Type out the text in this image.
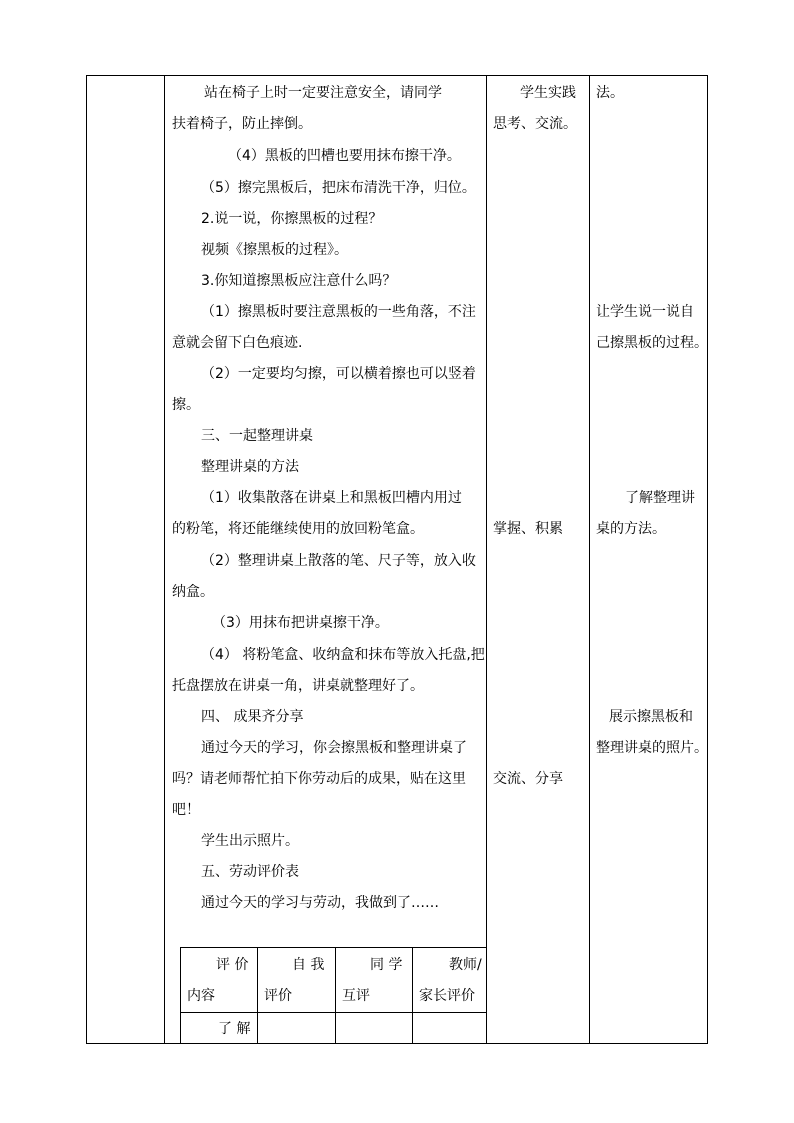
站在椅子上时一定要注意安全，请同学
扶着椅子，防止摔倒。
（4）黑板的凹槽也要用抹布擦干净。
（5）擦完黑板后，把床布清洗干净，归位。
2.说一说，你擦黑板的过程？
视频《擦黑板的过程》。
3.你知道擦黑板应注意什么吗？
（1）擦黑板时要注意黑板的一些角落，不注
意就会留下白色痕迹.
（2）一定要均匀擦，可以横着擦也可以竖着
擦。
三、一起整理讲桌
整理讲桌的方法
（1）收集散落在讲桌上和黑板凹槽内用过
的粉笔，将还能继续使用的放回粉笔盒。
（2）整理讲桌上散落的笔、尺子等，放入收
纳盒。
（3）用抹布把讲桌擦干净。
（4） 将粉笔盒、收纳盒和抹布等放入托盘,把
托盘摆放在讲桌一角，讲桌就整理好了。
四、 成果齐分享
通过今天的学习，你会擦黑板和整理讲桌了
吗？请老师帮忙拍下你劳动后的成果，贴在这里
吧！
学生出示照片。
五、劳动评价表
通过今天的学习与劳动，我做到了……
学生实践
思考、交流。
掌握、积累
交流、分享
法。
让学生说一说自
己擦黑板的过程。
了解整理讲
桌的方法。
展示擦黑板和
整理讲桌的照片。
评 价
内容
自 我
评价
同 学
互评
教师/
家长评价
了 解
